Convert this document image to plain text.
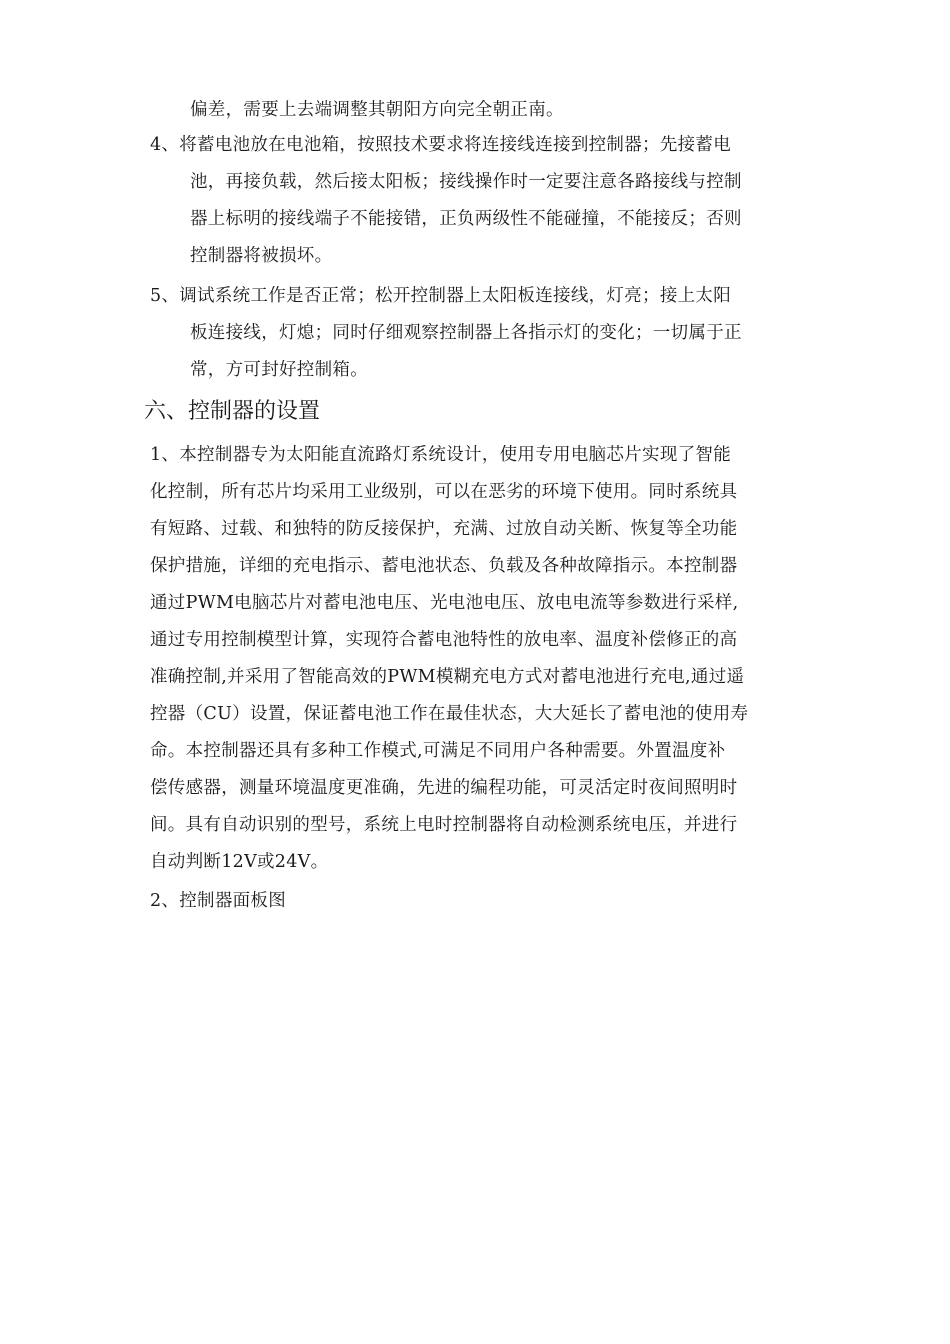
偏差，需要上去端调整其朝阳方向完全朝正南。
4、将蓄电池放在电池箱，按照技术要求将连接线连接到控制器；先接蓄电
池，再接负载，然后接太阳板；接线操作时一定要注意各路接线与控制
器上标明的接线端子不能接错，正负两级性不能碰撞，不能接反；否则
控制器将被损坏。
5、调试系统工作是否正常；松开控制器上太阳板连接线，灯亮；接上太阳
板连接线，灯熄；同时仔细观察控制器上各指示灯的变化；一切属于正
常，方可封好控制箱。
六、控制器的设置
1、本控制器专为太阳能直流路灯系统设计，使用专用电脑芯片实现了智能
化控制，所有芯片均采用工业级别，可以在恶劣的环境下使用。同时系统具
有短路、过载、和独特的防反接保护，充满、过放自动关断、恢复等全功能
保护措施，详细的充电指示、蓄电池状态、负载及各种故障指示。本控制器
通过PWM电脑芯片对蓄电池电压、光电池电压、放电电流等参数进行采样,
通过专用控制模型计算，实现符合蓄电池特性的放电率、温度补偿修正的高
准确控制,并采用了智能高效的PWM模糊充电方式对蓄电池进行充电,通过遥
控器（CU）设置，保证蓄电池工作在最佳状态，大大延长了蓄电池的使用寿
命。本控制器还具有多种工作模式,可满足不同用户各种需要。外置温度补
偿传感器，测量环境温度更准确，先进的编程功能，可灵活定时夜间照明时
间。具有自动识别的型号，系统上电时控制器将自动检测系统电压，并进行
自动判断12V或24V。
2、控制器面板图
